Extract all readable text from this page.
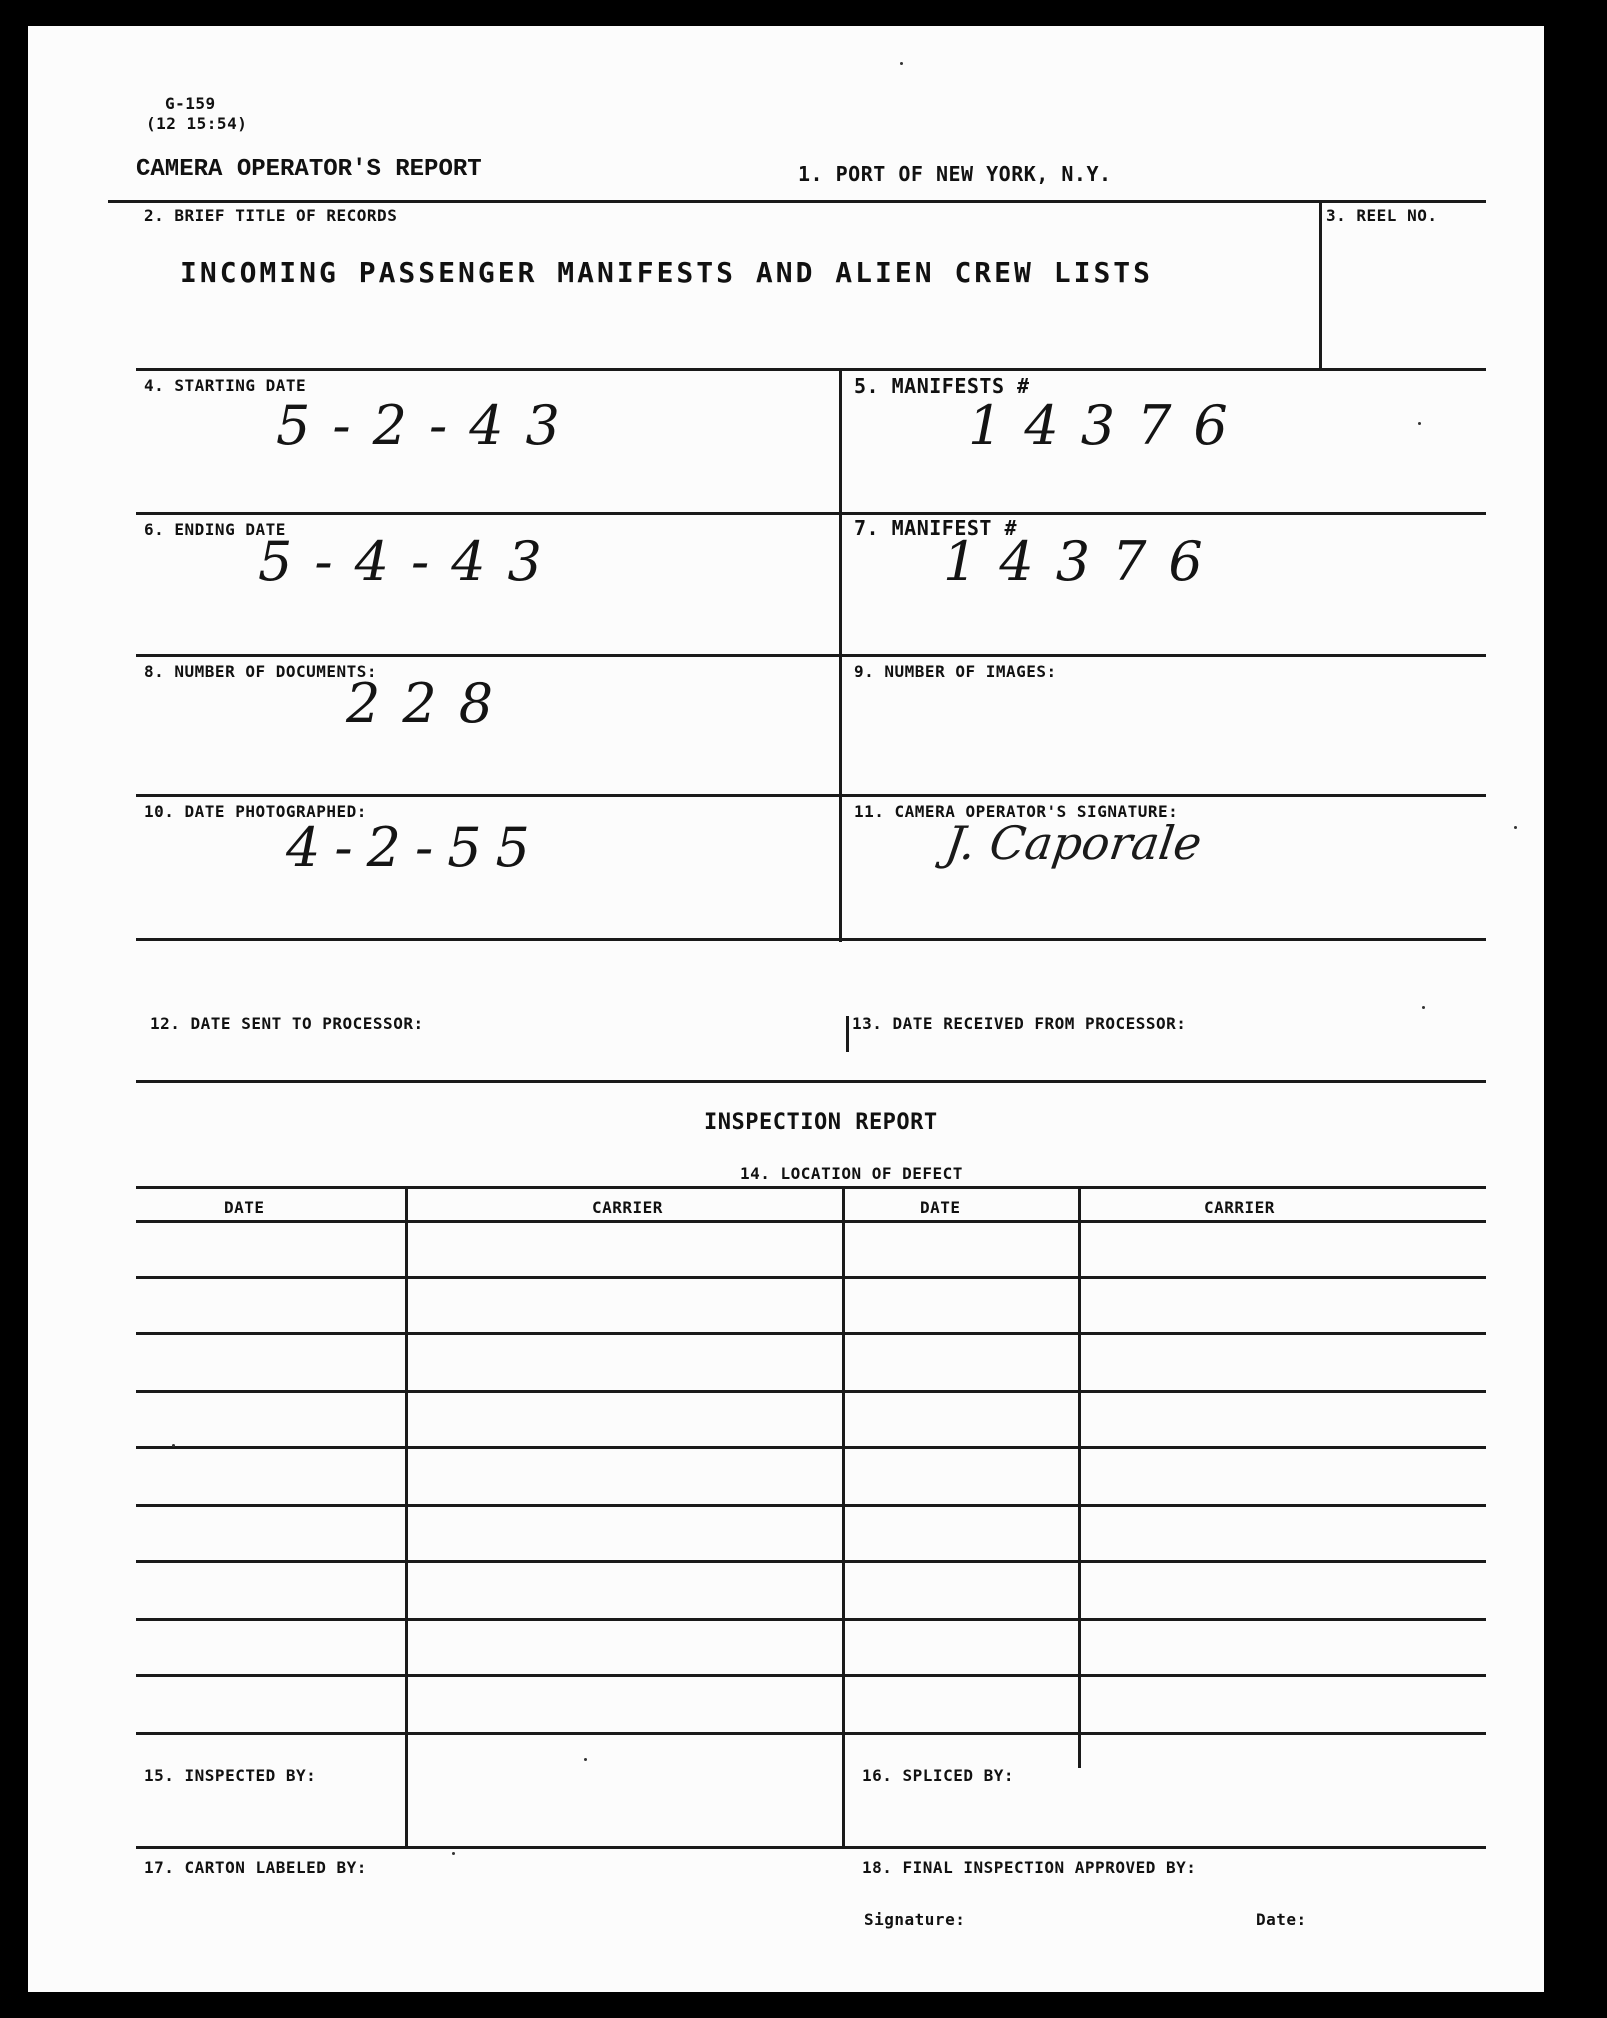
G-159
(12 15:54)
CAMERA OPERATOR'S REPORT	1. PORT OF NEW YORK, N.Y.
2. BRIEF TITLE OF RECORDS
INCOMING PASSENGER MANIFESTS AND ALIEN CREW LISTS
3. REEL NO.
4. STARTING DATE
5-2-43
5. MANIFESTS #
14376
6. ENDING DATE
5-4-43
7. MANIFEST #
14376
8. NUMBER OF DOCUMENTS:
228
9. NUMBER OF IMAGES:
10. DATE PHOTOGRAPHED:
4-2-55
11. CAMERA OPERATOR'S SIGNATURE:
J. Caporale
12. DATE SENT TO PROCESSOR:	13. DATE RECEIVED FROM PROCESSOR:
INSPECTION REPORT
14. LOCATION OF DEFECT
DATE	CARRIER	DATE	CARRIER
15. INSPECTED BY:	16. SPLICED BY:
17. CARTON LABELED BY:	18. FINAL INSPECTION APPROVED BY:
Signature:	Date:
